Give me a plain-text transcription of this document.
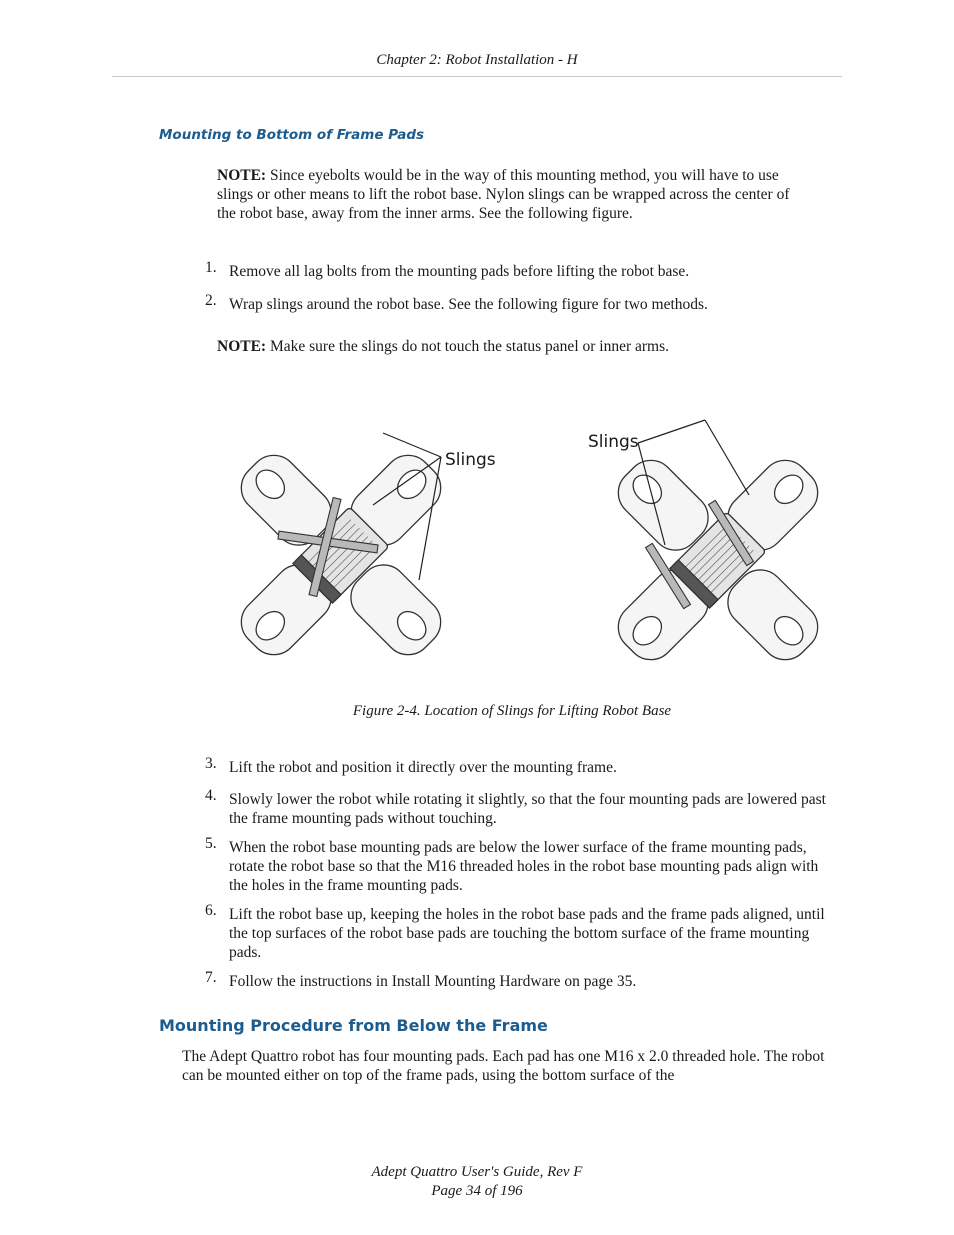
Chapter 2: Robot Installation - H
Mounting to Bottom of Frame Pads
NOTE: Since eyebolts would be in the way of this mounting method, you will have to use slings or other means to lift the robot base. Nylon slings can be wrapped across the center of the robot base, away from the inner arms. See the following figure.
1. Remove all lag bolts from the mounting pads before lifting the robot base.
2. Wrap slings around the robot base. See the following figure for two methods.
NOTE: Make sure the slings do not touch the status panel or inner arms.
Slings
Slings
Figure 2-4. Location of Slings for Lifting Robot Base
3. Lift the robot and position it directly over the mounting frame.
4. Slowly lower the robot while rotating it slightly, so that the four mounting pads are lowered past the frame mounting pads without touching.
5. When the robot base mounting pads are below the lower surface of the frame mounting pads, rotate the robot base so that the M16 threaded holes in the robot base mounting pads align with the holes in the frame mounting pads.
6. Lift the robot base up, keeping the holes in the robot base pads and the frame pads aligned, until the top surfaces of the robot base pads are touching the bottom surface of the frame mounting pads.
7. Follow the instructions in Install Mounting Hardware on page 35.
Mounting Procedure from Below the Frame
The Adept Quattro robot has four mounting pads. Each pad has one M16 x 2.0 threaded hole. The robot can be mounted either on top of the frame pads, using the bottom surface of the
Adept Quattro User's Guide, Rev F
Page 34 of 196
